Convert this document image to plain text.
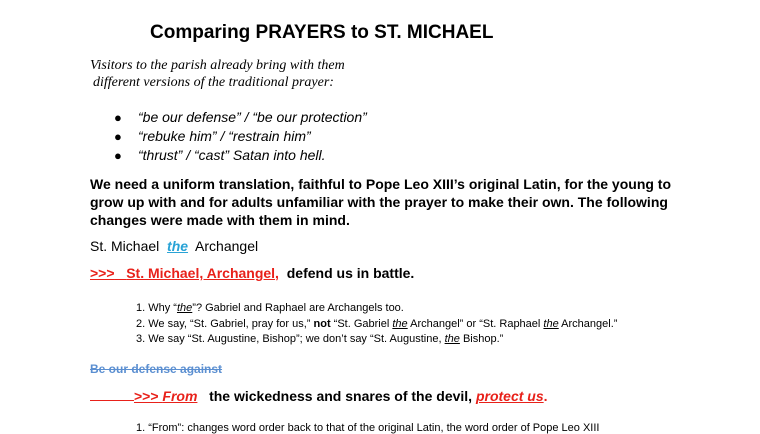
Comparing PRAYERS to ST. MICHAEL
Visitors to the parish already bring with them
different versions of the traditional prayer:
● “be our defense” / “be our protection”
● “rebuke him” / “restrain him”
● “thrust” / “cast” Satan into hell.
We need a uniform translation, faithful to Pope Leo XIII’s original Latin, for the young to
grow up with and for adults unfamiliar with the prayer to make their own. The following
changes were made with them in mind.
St. Michael the Archangel
>>> St. Michael, Archangel, defend us in battle.
1. Why “the”? Gabriel and Raphael are Archangels too.
2. We say, “St. Gabriel, pray for us,” not “St. Gabriel the Archangel” or “St. Raphael the Archangel.”
3. We say “St. Augustine, Bishop”; we don’t say “St. Augustine, the Bishop.”
Be our defense against
>>> From the wickedness and snares of the devil, protect us.
1. “From”: changes word order back to that of the original Latin, the word order of Pope Leo XIII
